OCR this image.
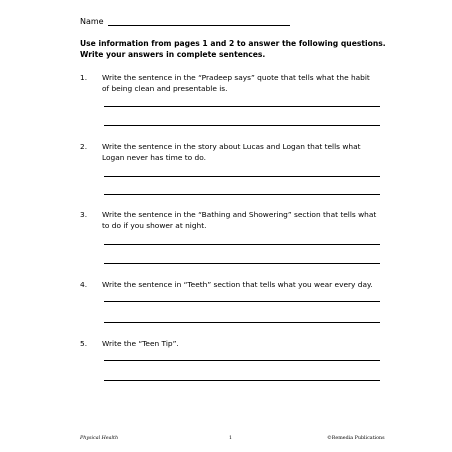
Name
Use information from pages 1 and 2 to answer the following questions.
Write your answers in complete sentences.
1.	Write the sentence in the “Pradeep says” quote that tells what the habit
of being clean and presentable is.
2.	Write the sentence in the story about Lucas and Logan that tells what
Logan never has time to do.
3.	Write the sentence in the “Bathing and Showering” section that tells what
to do if you shower at night.
4.	Write the sentence in “Teeth” section that tells what you wear every day.
5.	Write the “Teen Tip”.
Physical Health	1	©Remedia Publications
